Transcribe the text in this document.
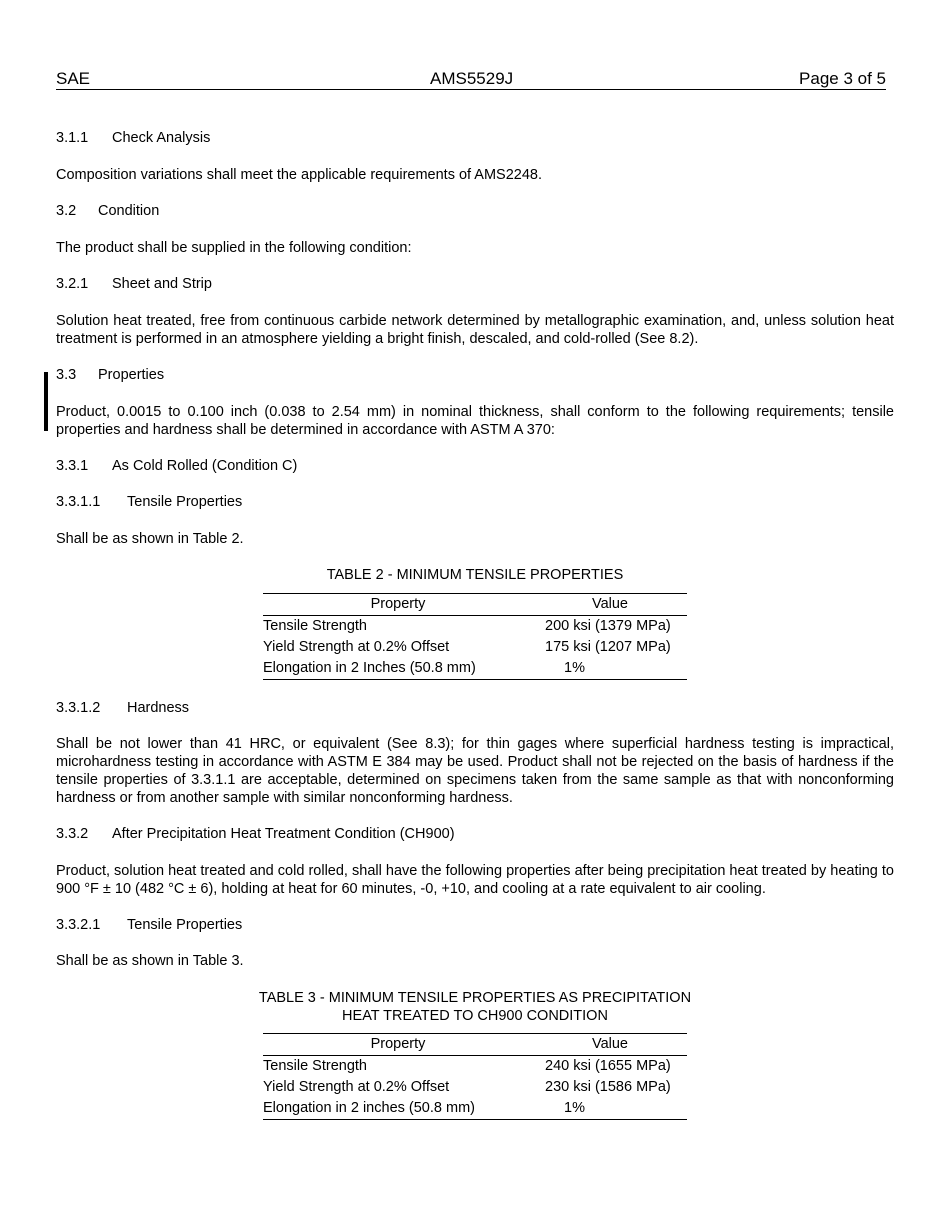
SAE	AMS5529J	Page 3 of 5
3.1.1 Check Analysis
Composition variations shall meet the applicable requirements of AMS2248.
3.2 Condition
The product shall be supplied in the following condition:
3.2.1 Sheet and Strip
Solution heat treated, free from continuous carbide network determined by metallographic examination, and, unless solution heat treatment is performed in an atmosphere yielding a bright finish, descaled, and cold-rolled (See 8.2).
3.3 Properties
Product, 0.0015 to 0.100 inch (0.038 to 2.54 mm) in nominal thickness, shall conform to the following requirements; tensile properties and hardness shall be determined in accordance with ASTM A 370:
3.3.1 As Cold Rolled (Condition C)
3.3.1.1 Tensile Properties
Shall be as shown in Table 2.
TABLE 2 - MINIMUM TENSILE PROPERTIES
Property	Value
Tensile Strength	200 ksi (1379 MPa)
Yield Strength at 0.2% Offset	175 ksi (1207 MPa)
Elongation in 2 Inches (50.8 mm)	1%
3.3.1.2 Hardness
Shall be not lower than 41 HRC, or equivalent (See 8.3); for thin gages where superficial hardness testing is impractical, microhardness testing in accordance with ASTM E 384 may be used. Product shall not be rejected on the basis of hardness if the tensile properties of 3.3.1.1 are acceptable, determined on specimens taken from the same sample as that with nonconforming hardness or from another sample with similar nonconforming hardness.
3.3.2 After Precipitation Heat Treatment Condition (CH900)
Product, solution heat treated and cold rolled, shall have the following properties after being precipitation heat treated by heating to 900 °F ± 10 (482 °C ± 6), holding at heat for 60 minutes, -0, +10, and cooling at a rate equivalent to air cooling.
3.3.2.1 Tensile Properties
Shall be as shown in Table 3.
TABLE 3 - MINIMUM TENSILE PROPERTIES AS PRECIPITATION
HEAT TREATED TO CH900 CONDITION
Property	Value
Tensile Strength	240 ksi (1655 MPa)
Yield Strength at 0.2% Offset	230 ksi (1586 MPa)
Elongation in 2 inches (50.8 mm)	1%
